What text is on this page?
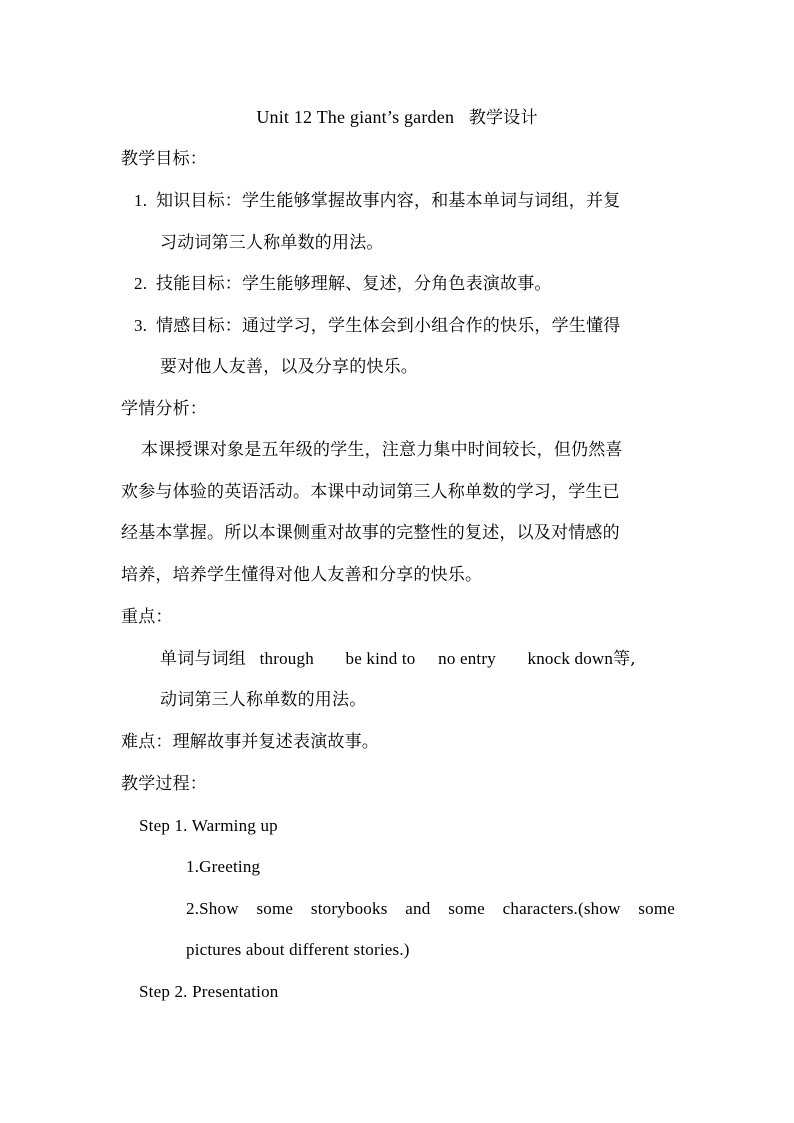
Unit 12 The giant’s garden 教学设计
教学目标：
1. 知识目标：学生能够掌握故事内容，和基本单词与词组，并复
习动词第三人称单数的用法。
2. 技能目标：学生能够理解、复述，分角色表演故事。
3. 情感目标：通过学习，学生体会到小组合作的快乐，学生懂得
要对他人友善，以及分享的快乐。
学情分析：
本课授课对象是五年级的学生，注意力集中时间较长，但仍然喜
欢参与体验的英语活动。本课中动词第三人称单数的学习，学生已
经基本掌握。所以本课侧重对故事的完整性的复述，以及对情感的
培养，培养学生懂得对他人友善和分享的快乐。
重点：
单词与词组 through be kind to no entry knock down等,
动词第三人称单数的用法。
难点：理解故事并复述表演故事。
教学过程：
Step 1. Warming up
1.Greeting
2.Show some storybooks and some characters.(show some
pictures about different stories.)
Step 2. Presentation
